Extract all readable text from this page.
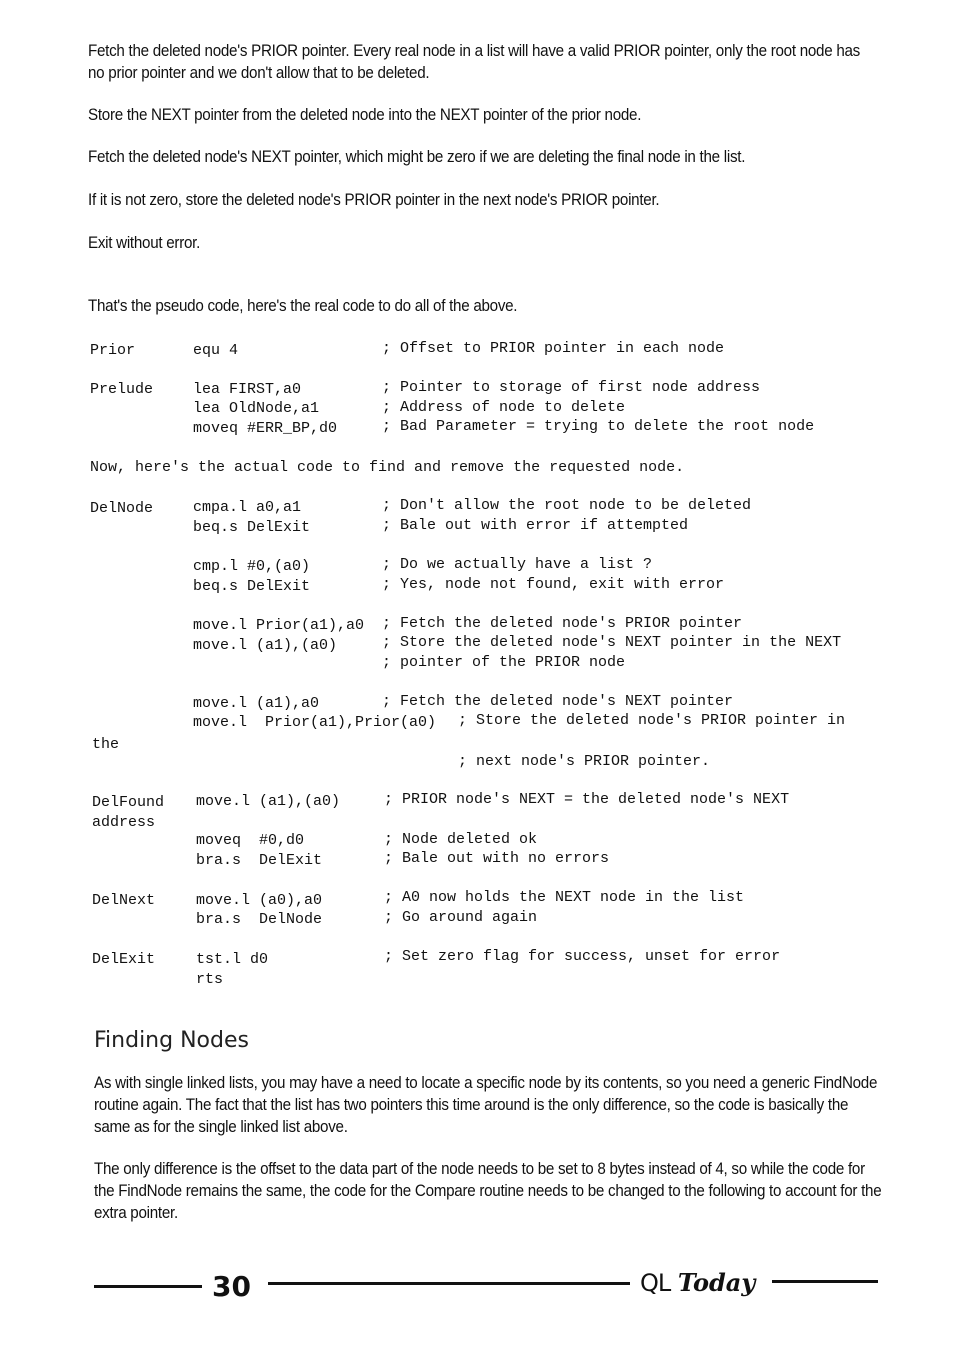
Fetch the deleted node's PRIOR pointer. Every real node in a list will have a valid PRIOR pointer, only the root node has no prior pointer and we don't allow that to be deleted.
Store the NEXT pointer from the deleted node into the NEXT pointer of the prior node.
Fetch the deleted node's NEXT pointer, which might be zero if we are deleting the final node in the list.
If it is not zero, store the deleted node's PRIOR pointer in the next node's PRIOR pointer.
Exit without error.
That's the pseudo code, here's the real code to do all of the above.
Prior	equ 4	; Offset to PRIOR pointer in each node
Prelude	lea FIRST,a0	; Pointer to storage of first node address
lea OldNode,a1	; Address of node to delete
moveq #ERR_BP,d0	; Bad Parameter = trying to delete the root node
Now, here's the actual code to find and remove the requested node.
DelNode	cmpa.l a0,a1	; Don't allow the root node to be deleted
beq.s DelExit	; Bale out with error if attempted
cmp.l #0,(a0)	; Do we actually have a list ?
beq.s DelExit	; Yes, node not found, exit with error
move.l Prior(a1),a0 ; Fetch the deleted node's PRIOR pointer
move.l (a1),(a0)	; Store the deleted node's NEXT pointer in the NEXT
; pointer of the PRIOR node
move.l (a1),a0	; Fetch the deleted node's NEXT pointer
move.l  Prior(a1),Prior(a0) ; Store the deleted node's PRIOR pointer in
the
; next node's PRIOR pointer.
DelFound move.l (a1),(a0)	; PRIOR node's NEXT = the deleted node's NEXT
address
moveq  #0,d0	; Node deleted ok
bra.s  DelExit	; Bale out with no errors
DelNext	move.l (a0),a0	; A0 now holds the NEXT node in the list
bra.s  DelNode	; Go around again
DelExit	tst.l d0	; Set zero flag for success, unset for error
rts
Finding Nodes
As with single linked lists, you may have a need to locate a specific node by its contents, so you need a generic FindNode routine again. The fact that the list has two pointers this time around is the only difference, so the code is basically the same as for the single linked list above.
The only difference is the offset to the data part of the node needs to be set to 8 bytes instead of 4, so while the code for the FindNode remains the same, the code for the Compare routine needs to be changed to the following to account for the extra pointer.
30	QL Today
